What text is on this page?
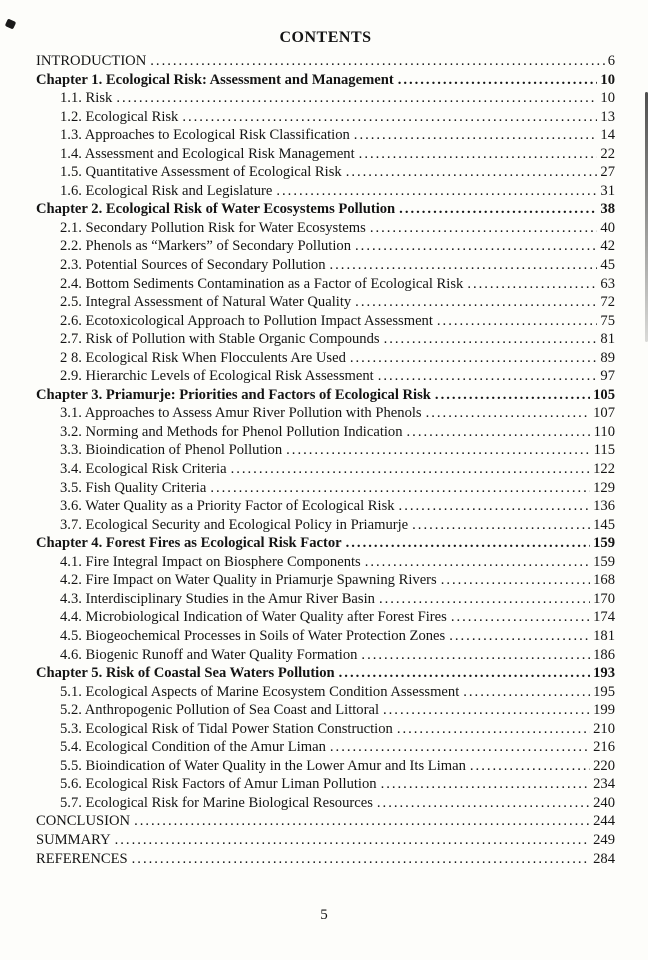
CONTENTS
INTRODUCTION .....	6
Chapter 1. Ecological Risk: Assessment and Management .....	10
1.1. Risk .....	10
1.2. Ecological Risk .....	13
1.3. Approaches to Ecological Risk Classification .....	14
1.4. Assessment and Ecological Risk Management .....	22
1.5. Quantitative Assessment of Ecological Risk .....	27
1.6. Ecological Risk and Legislature .....	31
Chapter 2. Ecological Risk of Water Ecosystems Pollution .....	38
2.1. Secondary Pollution Risk for Water Ecosystems .....	40
2.2. Phenols as “Markers” of Secondary Pollution .....	42
2.3. Potential Sources of Secondary Pollution .....	45
2.4. Bottom Sediments Contamination as a Factor of Ecological Risk .....	63
2.5. Integral Assessment of Natural Water Quality .....	72
2.6. Ecotoxicological Approach to Pollution Impact Assessment .....	75
2.7. Risk of Pollution with Stable Organic Compounds .....	81
2 8. Ecological Risk When Flocculents Are Used .....	89
2.9. Hierarchic Levels of Ecological Risk Assessment .....	97
Chapter 3. Priamurje: Priorities and Factors of Ecological Risk .....	105
3.1. Approaches to Assess Amur River Pollution with Phenols .....	107
3.2. Norming and Methods for Phenol Pollution Indication .....	110
3.3. Bioindication of Phenol Pollution .....	115
3.4. Ecological Risk Criteria .....	122
3.5. Fish Quality Criteria .....	129
3.6. Water Quality as a Priority Factor of Ecological Risk .....	136
3.7. Ecological Security and Ecological Policy in Priamurje .....	145
Chapter 4. Forest Fires as Ecological Risk Factor .....	159
4.1. Fire Integral Impact on Biosphere Components .....	159
4.2. Fire Impact on Water Quality in Priamurje Spawning Rivers .....	168
4.3. Interdisciplinary Studies in the Amur River Basin .....	170
4.4. Microbiological Indication of Water Quality after Forest Fires .....	174
4.5. Biogeochemical Processes in Soils of Water Protection Zones .....	181
4.6. Biogenic Runoff and Water Quality Formation .....	186
Chapter 5. Risk of Coastal Sea Waters Pollution .....	193
5.1. Ecological Aspects of Marine Ecosystem Condition Assessment .....	195
5.2. Anthropogenic Pollution of Sea Coast and Littoral .....	199
5.3. Ecological Risk of Tidal Power Station Construction .....	210
5.4. Ecological Condition of the Amur Liman .....	216
5.5. Bioindication of Water Quality in the Lower Amur and Its Liman .....	220
5.6. Ecological Risk Factors of Amur Liman Pollution .....	234
5.7. Ecological Risk for Marine Biological Resources .....	240
CONCLUSION .....	244
SUMMARY .....	249
REFERENCES .....	284
5
